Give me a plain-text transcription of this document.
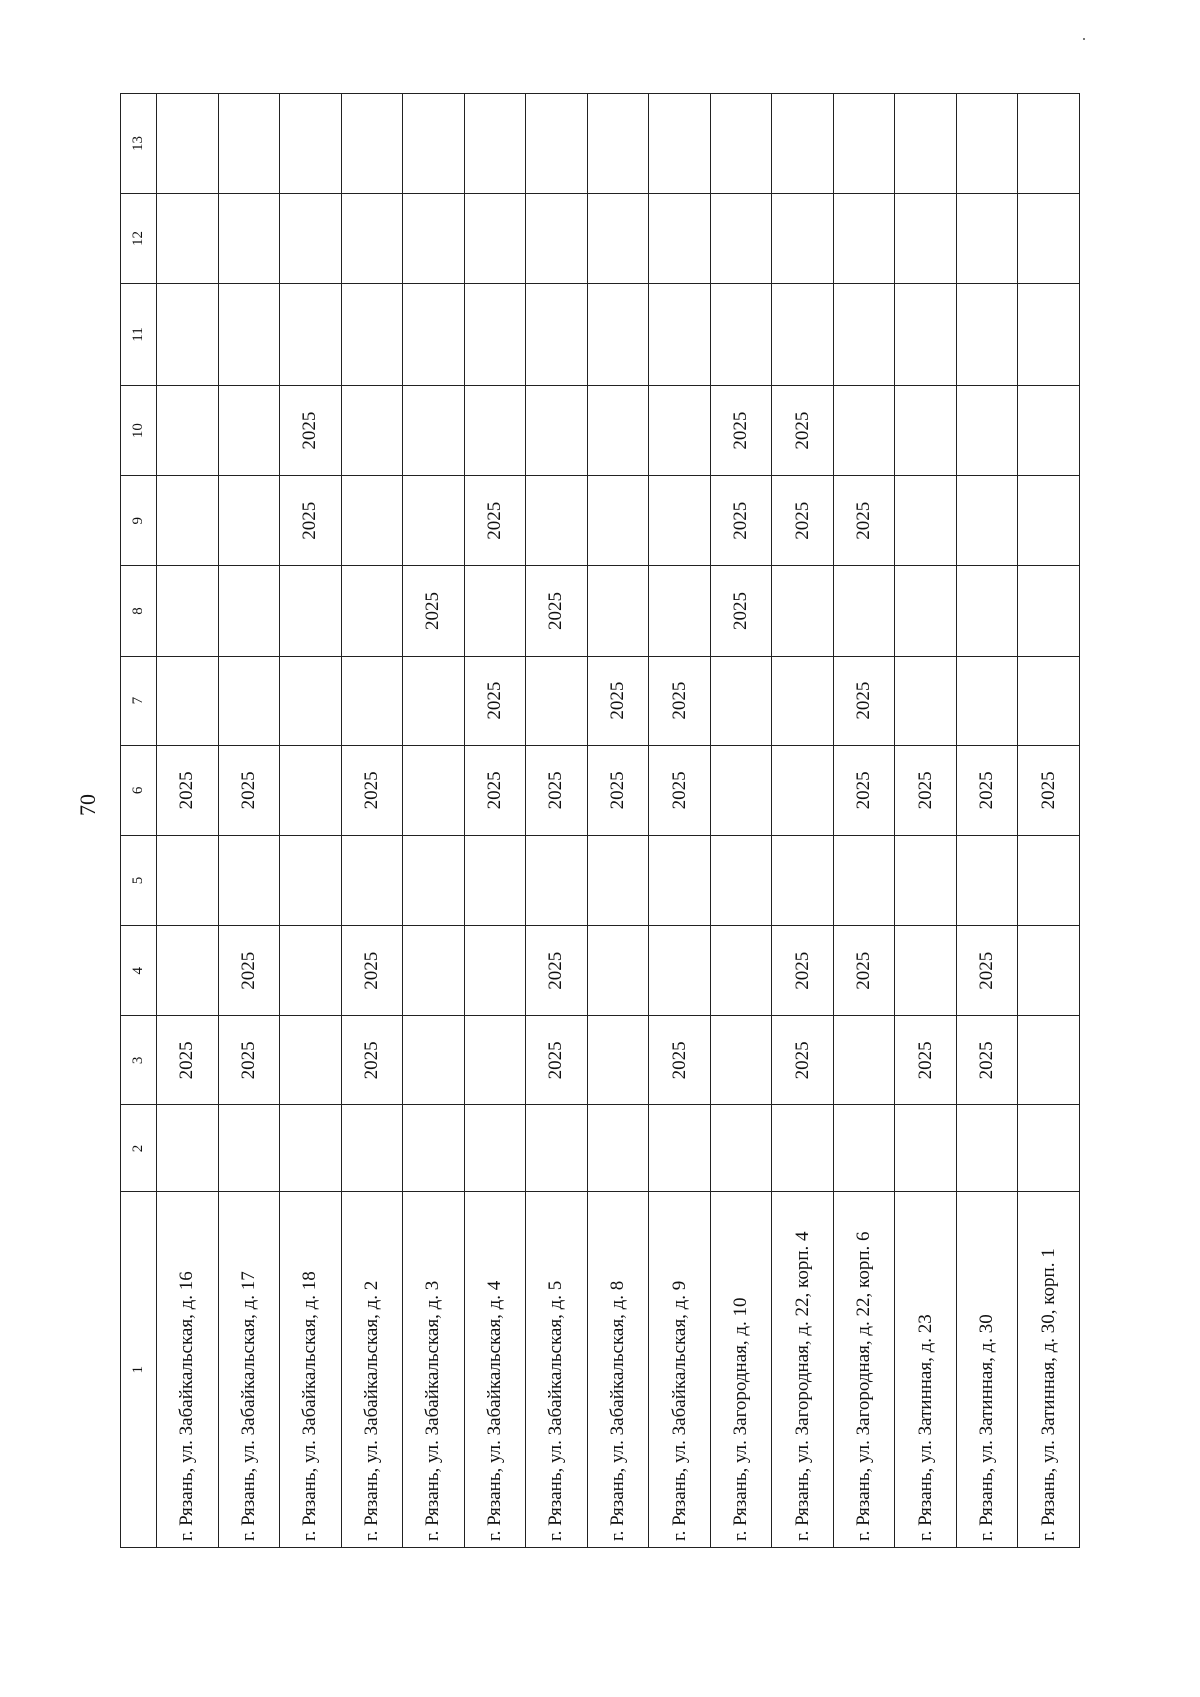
70
1	2	3	4	5	6	7	8	9	10	11	12	13
г. Рязань, ул. Забайкальская, д. 16		2025			2025							
г. Рязань, ул. Забайкальская, д. 17		2025	2025		2025							
г. Рязань, ул. Забайкальская, д. 18								2025	2025			
г. Рязань, ул. Забайкальская, д. 2		2025	2025		2025							
г. Рязань, ул. Забайкальская, д. 3							2025					
г. Рязань, ул. Забайкальская, д. 4					2025	2025		2025				
г. Рязань, ул. Забайкальская, д. 5		2025	2025		2025		2025					
г. Рязань, ул. Забайкальская, д. 8					2025	2025						
г. Рязань, ул. Забайкальская, д. 9		2025			2025	2025						
г. Рязань, ул. Загородная, д. 10							2025	2025	2025			
г. Рязань, ул. Загородная, д. 22, корп. 4		2025	2025					2025	2025			
г. Рязань, ул. Загородная, д. 22, корп. 6			2025		2025	2025		2025				
г. Рязань, ул. Затинная, д. 23		2025			2025							
г. Рязань, ул. Затинная, д. 30		2025	2025		2025							
г. Рязань, ул. Затинная, д. 30, корп. 1					2025							
